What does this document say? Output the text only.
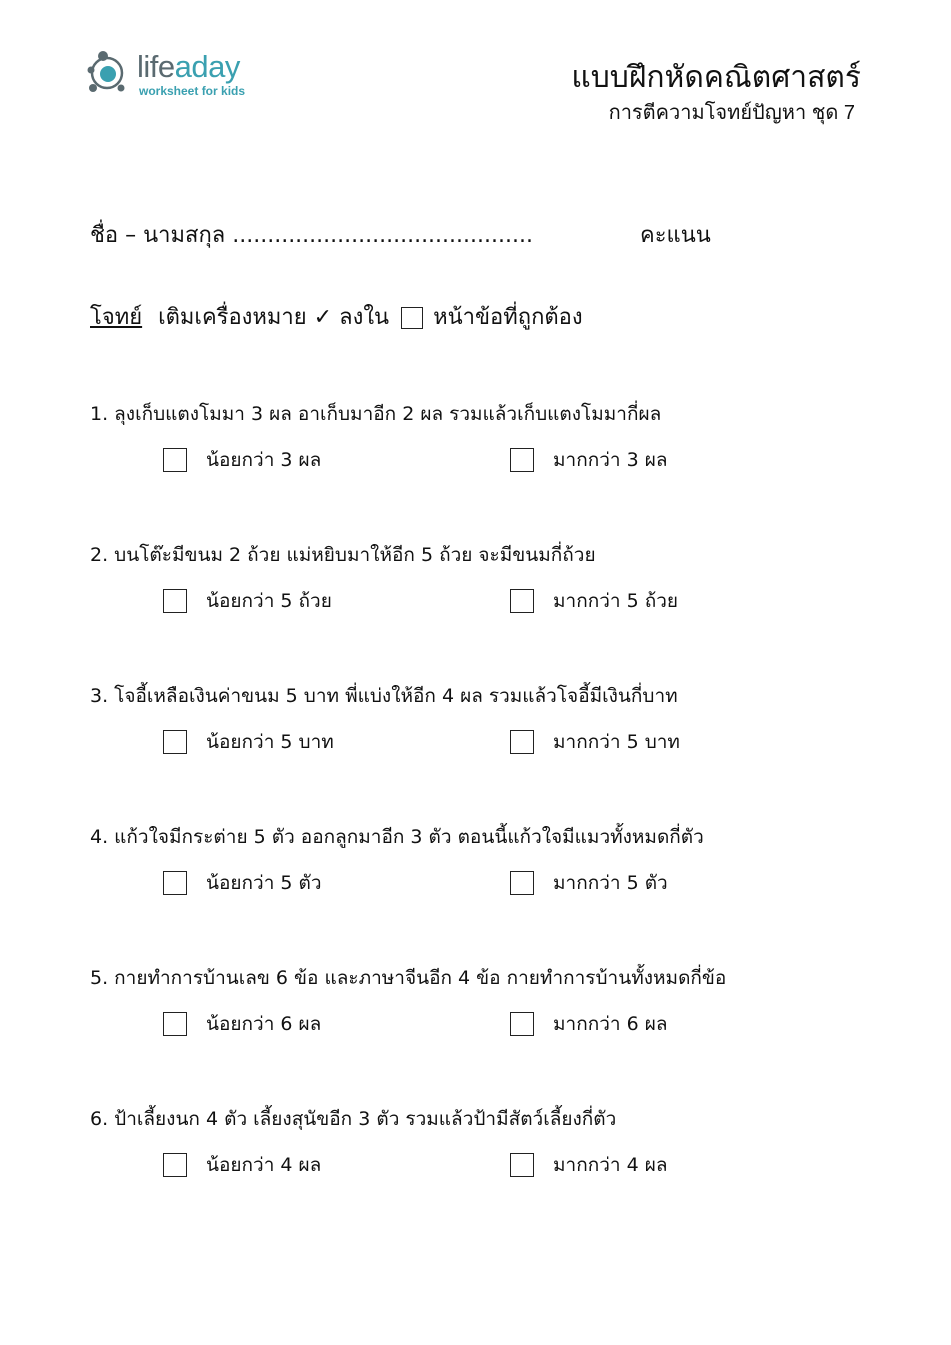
lifeaday
worksheet for kids	แบบฝึกหัดคณิตศาสตร์
การตีความโจทย์ปัญหา ชุด 7
ชื่อ – นามสกุล ...........................................	คะแนน
โจทย์ เติมเครื่องหมาย ✓ ลงใน หน้าข้อที่ถูกต้อง
1. ลุงเก็บแตงโมมา 3 ผล อาเก็บมาอีก 2 ผล รวมแล้วเก็บแตงโมมากี่ผล
น้อยกว่า 3 ผล	มากกว่า 3 ผล
2. บนโต๊ะมีขนม 2 ถ้วย แม่หยิบมาให้อีก 5 ถ้วย จะมีขนมกี่ถ้วย
น้อยกว่า 5 ถ้วย	มากกว่า 5 ถ้วย
3. โจอี้เหลือเงินค่าขนม 5 บาท พี่แบ่งให้อีก 4 ผล รวมแล้วโจอี้มีเงินกี่บาท
น้อยกว่า 5 บาท	มากกว่า 5 บาท
4. แก้วใจมีกระต่าย 5 ตัว ออกลูกมาอีก 3 ตัว ตอนนี้แก้วใจมีแมวทั้งหมดกี่ตัว
น้อยกว่า 5 ตัว	มากกว่า 5 ตัว
5. กายทำการบ้านเลข 6 ข้อ และภาษาจีนอีก 4 ข้อ กายทำการบ้านทั้งหมดกี่ข้อ
น้อยกว่า 6 ผล	มากกว่า 6 ผล
6. ป้าเลี้ยงนก 4 ตัว เลี้ยงสุนัขอีก 3 ตัว รวมแล้วป้ามีสัตว์เลี้ยงกี่ตัว
น้อยกว่า 4 ผล	มากกว่า 4 ผล
